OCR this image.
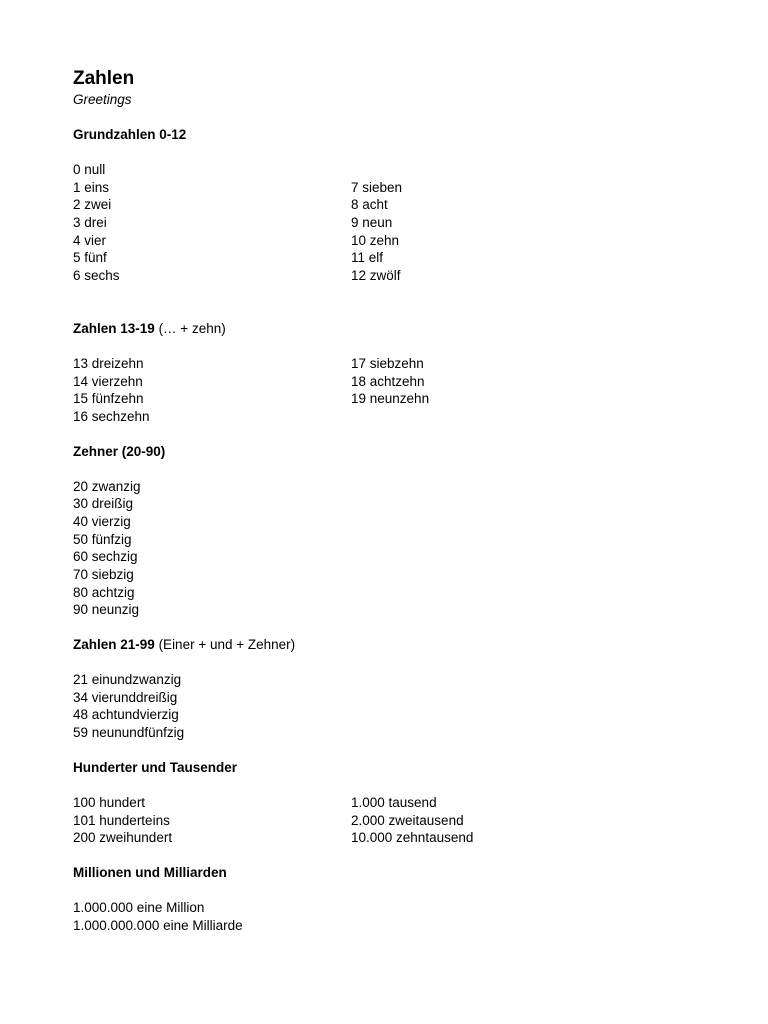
Zahlen
Greetings
Grundzahlen 0-12
0 null
1 eins
2 zwei
3 drei
4 vier
5 fünf
6 sechs
7 sieben
8 acht
9 neun
10 zehn
11 elf
12 zwölf
Zahlen 13-19 (… + zehn)
13 dreizehn
14 vierzehn
15 fünfzehn
16 sechzehn
17 siebzehn
18 achtzehn
19 neunzehn
Zehner (20-90)
20 zwanzig
30 dreißig
40 vierzig
50 fünfzig
60 sechzig
70 siebzig
80 achtzig
90 neunzig
Zahlen 21-99 (Einer + und + Zehner)
21 einundzwanzig
34 vierunddreißig
48 achtundvierzig
59 neunundfünfzig
Hunderter und Tausender
100 hundert
101 hunderteins
200 zweihundert
1.000 tausend
2.000 zweitausend
10.000 zehntausend
Millionen und Milliarden
1.000.000 eine Million
1.000.000.000 eine Milliarde
